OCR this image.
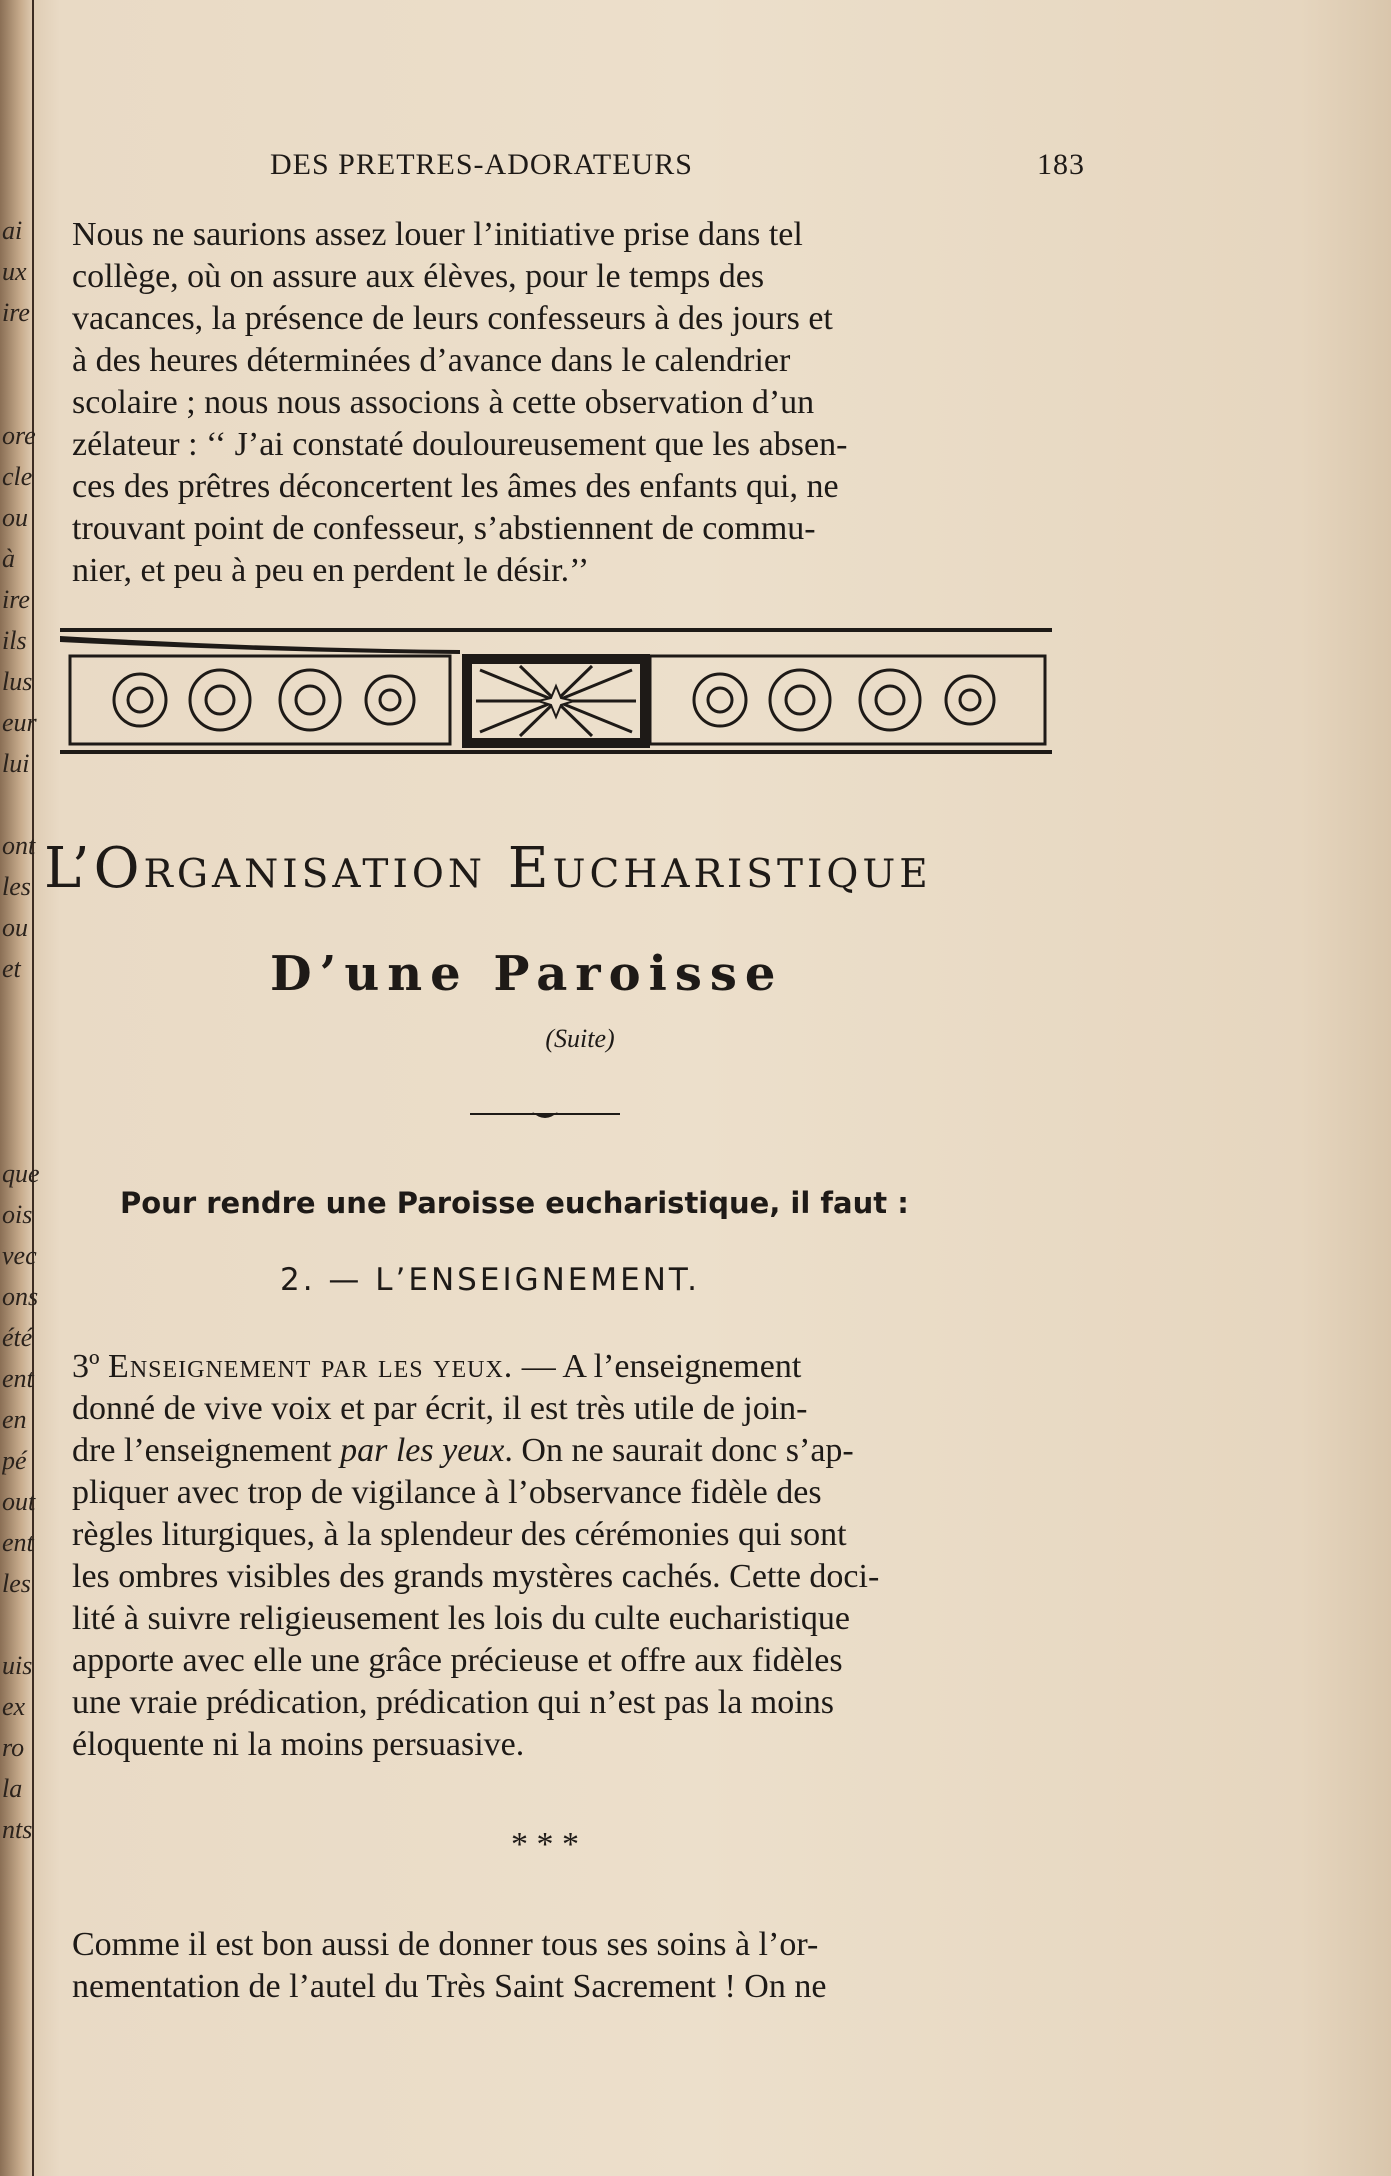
ai
ux
ire
ore
cle
ou
à
ire
ils
lus
eur
lui
ont
les
ou
et
que
ois
vec
ons
été
ent
en
pé
out
ent
les
uis
ex
ro
la
nts
DES PRETRES-ADORATEURS	183

Nous ne saurions assez louer l’initiative prise dans tel

collège, où on assure aux élèves, pour le temps des

vacances, la présence de leurs confesseurs à des jours et

à des heures déterminées d’avance dans le calendrier

scolaire ; nous nous associons à cette observation d’un

zélateur : ‘‘ J’ai constaté douloureusement que les absen-

ces des prêtres déconcertent les âmes des enfants qui, ne

trouvant point de confesseur, s’abstiennent de commu-

nier, et peu à peu en perdent le désir.’’

L’Organisation Eucharistique
D’une Paroisse
(Suite)
Pour rendre une Paroisse eucharistique, il faut :
2. — L’ENSEIGNEMENT.

3º Enseignement par les yeux. — A l’enseignement

donné de vive voix et par écrit, il est très utile de join-

dre l’enseignement par les yeux. On ne saurait donc s’ap-

pliquer avec trop de vigilance à l’observance fidèle des

règles liturgiques, à la splendeur des cérémonies qui sont

les ombres visibles des grands mystères cachés. Cette doci-

lité à suivre religieusement les lois du culte eucharistique

apporte avec elle une grâce précieuse et offre aux fidèles

une vraie prédication, prédication qui n’est pas la moins

éloquente ni la moins persuasive.

* * *

Comme il est bon aussi de donner tous ses soins à l’or-

nementation de l’autel du Très Saint Sacrement ! On ne
